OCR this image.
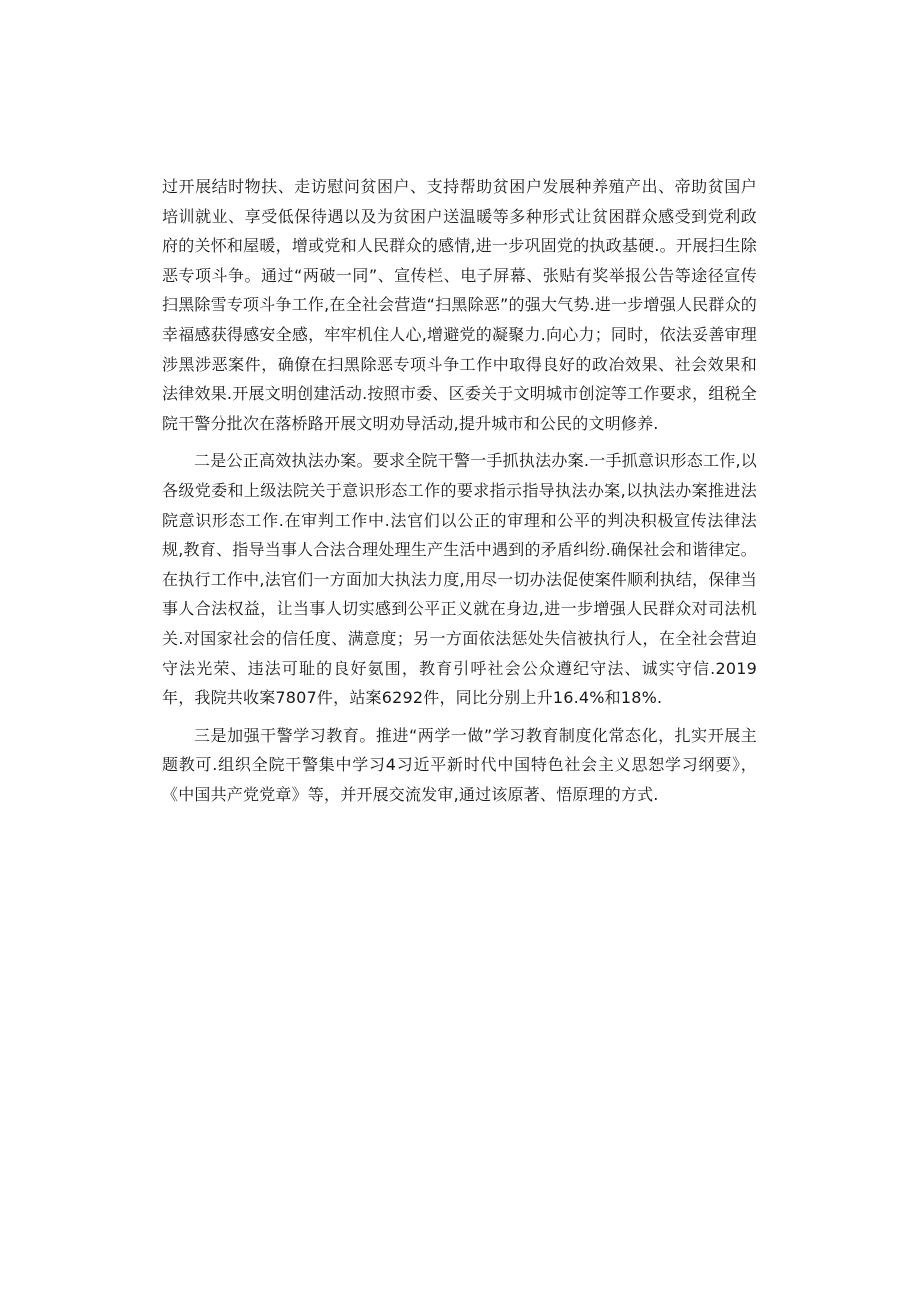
过开展结时物扶、走访慰问贫困户、支持帮助贫困户发展种养殖产出、帝助贫国户培训就业、享受低保待遇以及为贫困户送温暖等多种形式让贫困群众感受到党利政府的关怀和屋暖，增或党和人民群众的感情,进一步巩固党的执政基硬.。开展扫生除恶专项斗争。通过“两破一同”、宣传栏、电子屏幕、张贴有奖举报公告等途径宣传扫黑除雪专项斗争工作,在全社会营造“扫黑除恶”的强大气势.进一步增强人民群众的幸福感获得感安全感，牢牢机住人心,增避党的凝聚力.向心力；同时，依法妥善审理涉黑涉恶案件，确僚在扫黑除恶专项斗争工作中取得良好的政冶效果、社会效果和法律效果.开展文明创建活动.按照市委、区委关于文明城市创淀等工作要求，组税全院干警分批次在落桥路开展文明劝导活动,提升城市和公民的文明修养.

二是公正高效执法办案。要求全院干警一手抓执法办案.一手抓意识形态工作,以各级党委和上级法院关于意识形态工作的要求指示指导执法办案,以执法办案推进法院意识形态工作.在审判工作中.法官们以公正的审理和公平的判决积极宣传法律法规,教育、指导当事人合法合理处理生产生活中遇到的矛盾纠纷.确保社会和谐律定。在执行工作中,法官们一方面加大执法力度,用尽一切办法促使案件顺利执结，保律当事人合法权益，让当事人切实感到公平正义就在身边,进一步增强人民群众对司法机关.对国家社会的信任度、满意度；另一方面依法惩处失信被执行人，在全社会营迫守法光荣、违法可耻的良好氨围，教育引呼社会公众遵纪守法、诚实守信.2019年，我院共收案7807件，站案6292件，同比分别上升16.4%和18%.

三是加强干警学习教育。推进“两学一做”学习教育制度化常态化，扎实开展主题教可.组织全院干警集中学习4习近平新时代中国特色社会主义思恕学习纲要》，《中国共产党党章》等，并开展交流发审,通过该原著、悟原理的方式.
